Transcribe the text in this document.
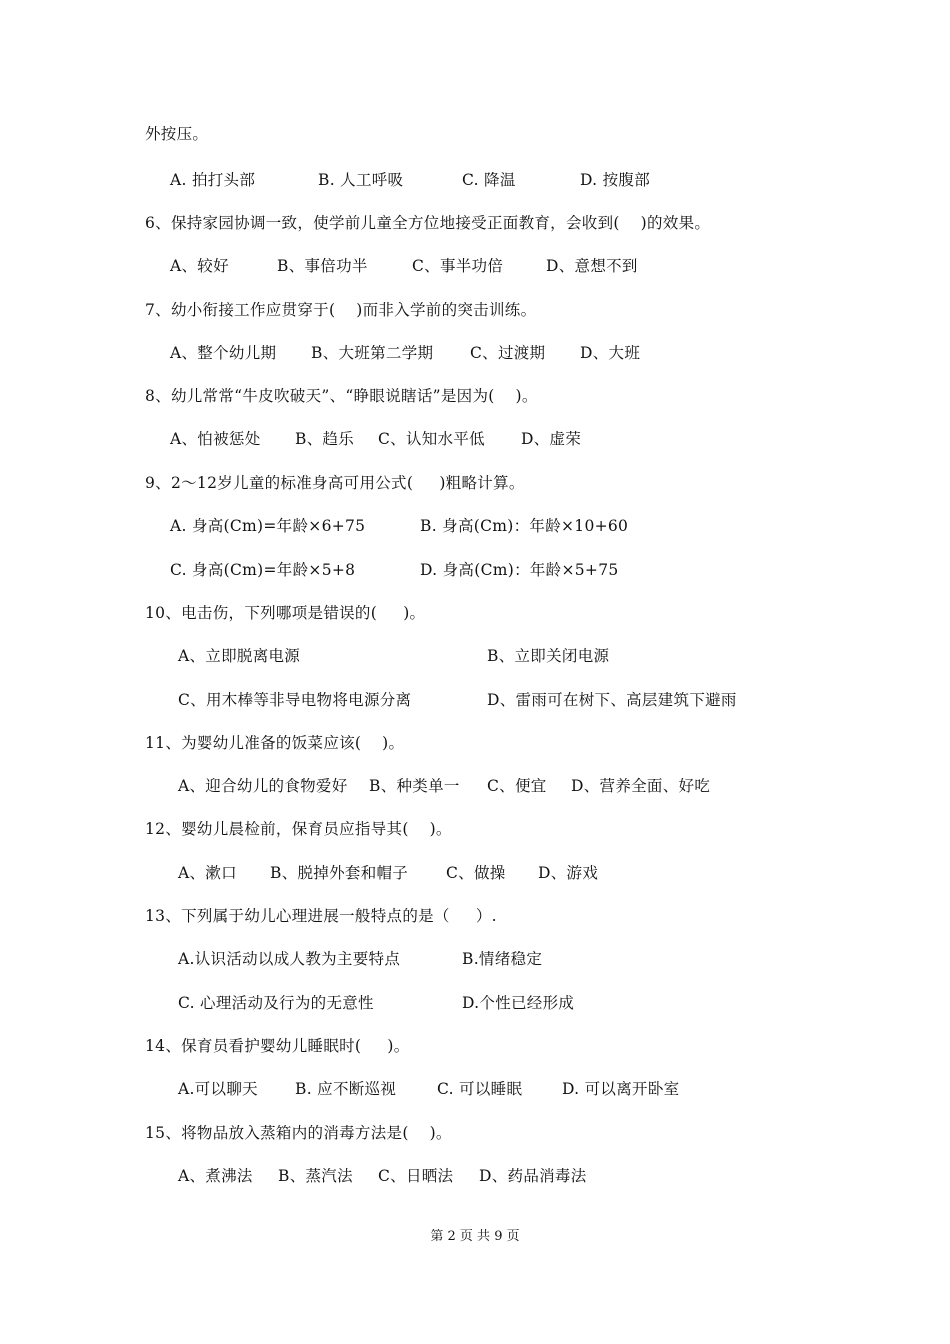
外按压。
A. 拍打头部	B. 人工呼吸	C. 降温	D. 按腹部
6、保持家园协调一致，使学前儿童全方位地接受正面教育，会收到(    )的效果。
A、较好	B、事倍功半	C、事半功倍	D、意想不到
7、幼小衔接工作应贯穿于(    )而非入学前的突击训练。
A、整个幼儿期 B、大班第二学期 C、过渡期 D、大班
8、幼儿常常“牛皮吹破天”、“睁眼说瞎话”是因为(    )。
A、怕被惩处 B、趋乐 C、认知水平低 D、虚荣
9、2～12岁儿童的标准身高可用公式(     )粗略计算。
A. 身高(Cm)=年龄×6+75	B. 身高(Cm)：年龄×10+60
C. 身高(Cm)=年龄×5+8	D. 身高(Cm)：年龄×5+75
10、电击伤，下列哪项是错误的(     )。
A、立即脱离电源	B、立即关闭电源
C、用木棒等非导电物将电源分离	D、雷雨可在树下、高层建筑下避雨
11、为婴幼儿准备的饭菜应该(    )。
A、迎合幼儿的食物爱好 B、种类单一 C、便宜 D、营养全面、好吃
12、婴幼儿晨检前，保育员应指导其(    )。
A、漱口 B、脱掉外套和帽子 C、做操 D、游戏
13、下列属于幼儿心理进展一般特点的是（     ）.
A.认识活动以成人教为主要特点	B.情绪稳定
C. 心理活动及行为的无意性	D.个性已经形成
14、保育员看护婴幼儿睡眠时(     )。
A.可以聊天 B. 应不断巡视	C. 可以睡眠	D. 可以离开卧室
15、将物品放入蒸箱内的消毒方法是(    )。
A、煮沸法 B、蒸汽法 C、日晒法 D、药品消毒法
第 2 页 共 9 页
